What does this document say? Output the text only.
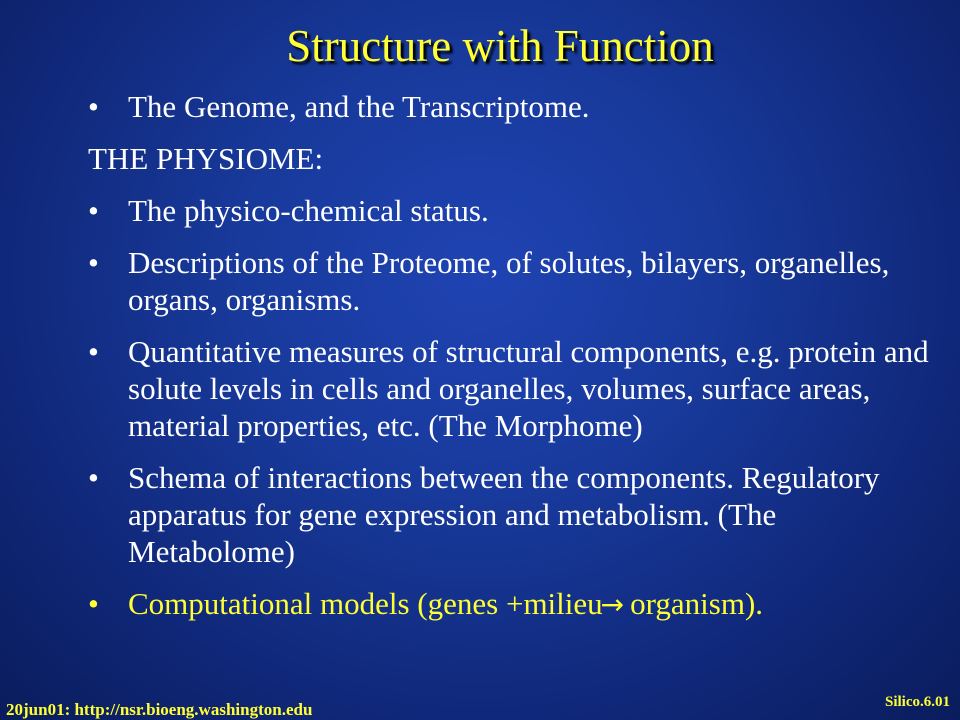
Structure with Function
• The Genome, and the Transcriptome.
THE PHYSIOME:
• The physico-chemical status.
• Descriptions of the Proteome, of solutes, bilayers, organelles, organs, organisms.
• Quantitative measures of structural components, e.g. protein and solute levels in cells and organelles, volumes, surface areas, material properties, etc. (The Morphome)
• Schema of interactions between the components. Regulatory apparatus for gene expression and metabolism. (The Metabolome)
• Computational models (genes +milieu→ organism).
20jun01: http://nsr.bioeng.washington.edu	Silico.6.01
